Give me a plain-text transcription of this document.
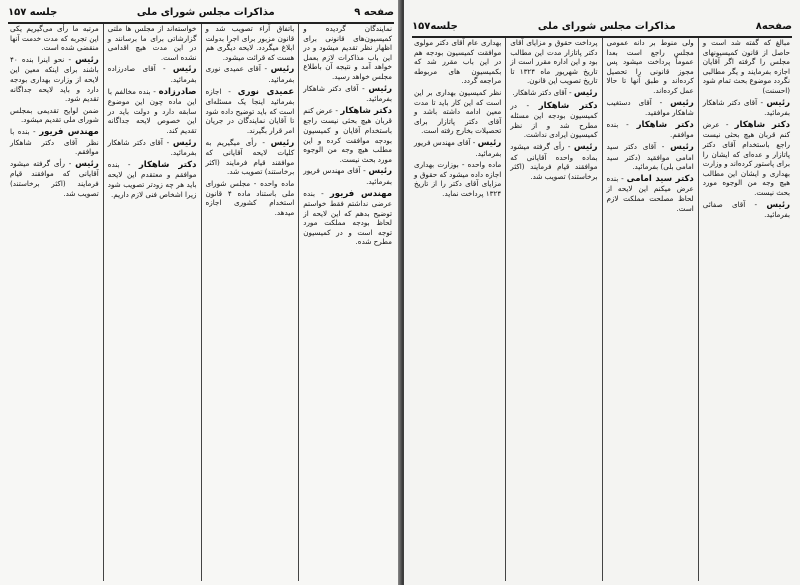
صفحه ۹
مذاکرات مجلس شورای ملی
جلسه ۱۵۷

نمایندگان گردیده و کمیسیون‌های قانونی برای اظهار نظر تقدیم میشود و در این باب مذاکرات لازم بعمل خواهد آمد و نتیجه آن باطلاع مجلس خواهد رسید.

رئیس - آقای دکتر شاهکار بفرمائید.

دکتر شاهکار - عرض کنم قربان هیچ بحثی نیست راجع باستخدام آقایان و کمیسیون بودجه موافقت کرده و این مطلب هیچ وجه من الوجوه مورد بحث نیست.

رئیس - آقای مهندس فریور بفرمائید.

مهندس فریور - بنده عرضی نداشتم فقط خواستم توضیح بدهم که این لایحه از لحاظ بودجه مملکت مورد توجه است و در کمیسیون مطرح شده.

باتفاق آراء تصویب شد و قانون مزبور برای اجرا بدولت ابلاغ میگردد. لایحه دیگری هم هست که قرائت میشود.

رئیس - آقای عمیدی نوری بفرمائید.

عمیدی نوری - اجازه بفرمائید اینجا یک مسئله‌ای است که باید توضیح داده شود تا آقایان نمایندگان در جریان امر قرار بگیرند.

رئیس - رأی میگیریم به کلیات لایحه آقایانی که موافقند قیام فرمایند (اکثر برخاستند) تصویب شد.

ماده واحده - مجلس شورای ملی باستناد ماده ۴ قانون استخدام کشوری اجازه میدهد.

خواسته‌اند از مجلس ها ملتی گزارشاتی برای ما برسانند و در این مدت هیچ اقدامی نشده است.

رئیس - آقای صادرزاده بفرمائید.

صادرزاده - بنده مخالفم با این ماده چون این موضوع سابقه دارد و دولت باید در این خصوص لایحه جداگانه تقدیم کند.

رئیس - آقای دکتر شاهکار بفرمائید.

دکتر شاهکار - بنده موافقم و معتقدم این لایحه باید هر چه زودتر تصویب شود زیرا اشخاص فنی لازم داریم.

مرتبه ما رأی می‌گیریم یکی این تجربه که مدت خدمت آنها منقضی شده است.

رئیس - نحو اینرا بنده ۴۰ باشند برای اینکه معین این لایحه از وزارت بهداری بودجه دارد و باید لایحه جداگانه تقدیم شود.

ضمن لوایح تقدیمی بمجلس شورای ملی تقدیم میشود.

مهندس فریور - بنده با نظر آقای دکتر شاهکار موافقم.

رئیس - رأی گرفته میشود آقایانی که موافقند قیام فرمایند (اکثر برخاستند) تصویب شد.

صفحه۸
مذاکرات مجلس شورای ملی
جلسه۱۵۷

مبالغ که گفته شد است و حاصل از قانون کمیسیونهای مجلس را گرفته اگر آقایان اجازه بفرمایند و یگر مطالبی نگردد موضوع بحث تمام شود (احسنت)

رئیس - آقای دکتر شاهکار بفرمائید.

دکتر شاهکار - عرض کنم قربان هیچ بحثی نیست راجع باستخدام آقای دکتر پاتازار و عده‌ای که ایشان را برای پاستور کرده‌اند و وزارت بهداری و ایشان این مطالب هیچ وجه من الوجوه مورد بحث نیست.

رئیس - آقای صفائی بفرمائید.

ولی منوط بر دانه عمومی مجلس راجع است بعدا عموماً پرداخت میشود پس مجوز قانونی را تحصیل کرده‌اند و طبق آنها تا حالا عمل کرده‌اند.

رئیس - آقای دستغیب شاهکار موافقید.

دکتر شاهکار - بنده موافقم.

رئیس - آقای دکتر سید امامی موافقید (دکتر سید امامی بلی) بفرمائید.

دکتر سید امامی - بنده عرض میکنم این لایحه از لحاظ مصلحت مملکت لازم است.

پرداخت حقوق و مزایای آقای دکتر پاتازار مدت این مطالب بود و این اداره مقرر است از تاریخ شهریور ماه ۱۳۲۴ تا تاریخ تصویب این قانون.

رئیس - آقای دکتر شاهکار.

دکتر شاهکار - در کمیسیون بودجه این مسئله مطرح شد و از نظر کمیسیون ایرادی نداشت.

رئیس - رأی گرفته میشود بماده واحده آقایانی که موافقند قیام فرمایند (اکثر برخاستند) تصویب شد.

بهداری عام آقای دکتر مولوی موافقت کمیسیون بودجه هم در این باب مقرر شد که بکمیسیون های مربوطه مراجعه گردد.

نظر کمیسیون بهداری بر این است که این کار باید تا مدت معین ادامه داشته باشد و آقای دکتر پاتازار برای تحصیلات بخارج رفته است.

رئیس - آقای مهندس فریور بفرمائید.

ماده واحده - بوزارت بهداری اجازه داده میشود که حقوق و مزایای آقای دکتر را از تاریخ ۱۳۲۴ پرداخت نماید.
